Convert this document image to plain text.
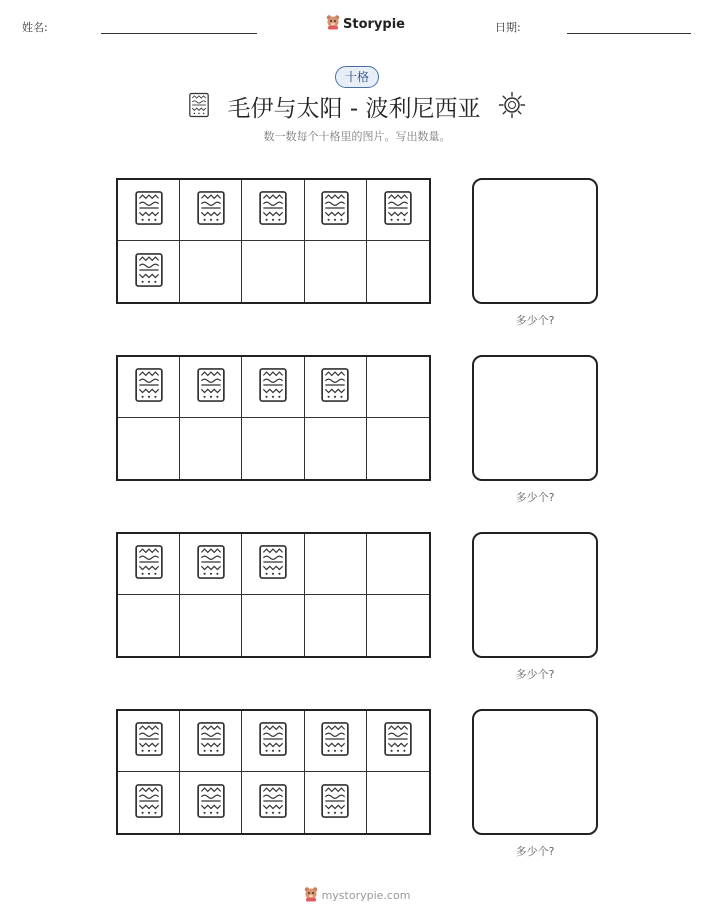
姓名:	Storypie	日期:
十格
毛伊与太阳 - 波利尼西亚
数一数每个十格里的图片。写出数量。
多少个?
多少个?
多少个?
多少个?
mystorypie.com
